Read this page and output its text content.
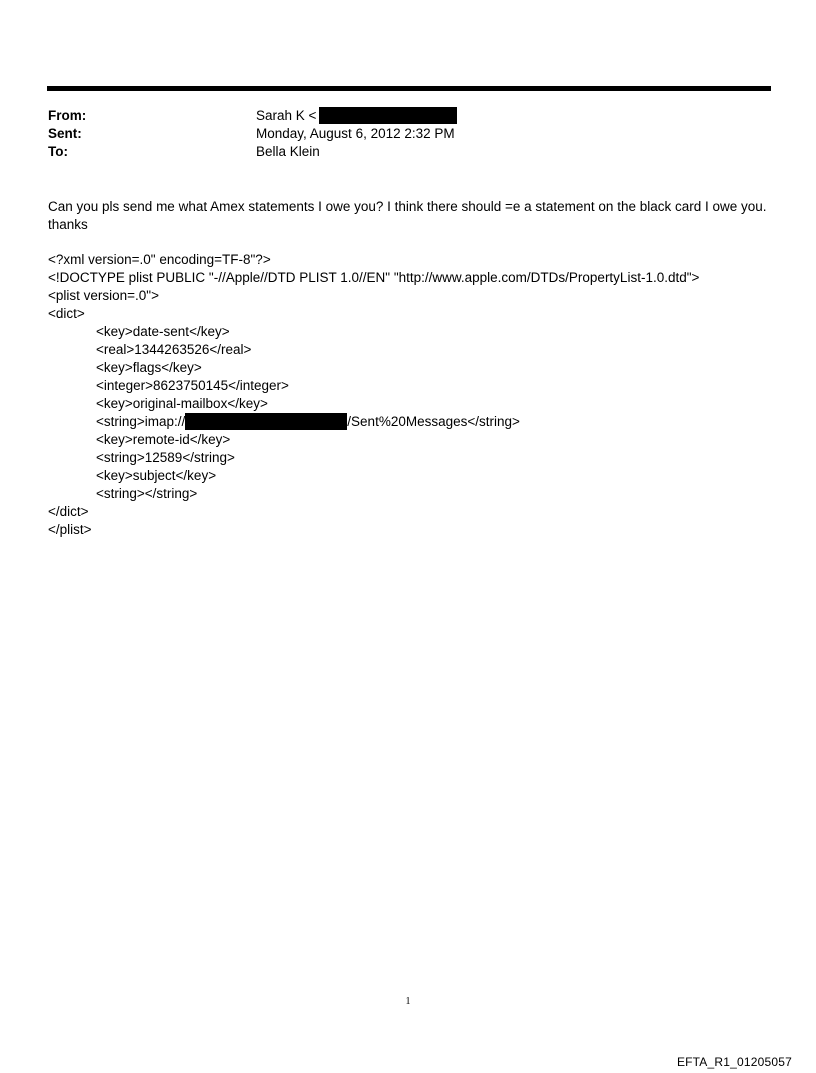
From:	Sarah K <
Sent:	Monday, August 6, 2012 2:32 PM
To:	Bella Klein

Can you pls send me what Amex statements I owe you? I think there should =e a statement on the black card I owe you.

thanks

<?xml version=.0" encoding=TF-8"?>
<!DOCTYPE plist PUBLIC "-//Apple//DTD PLIST 1.0//EN" "http://www.apple.com/DTDs/PropertyList-1.0.dtd">
<plist version=.0">
<dict>
<key>date-sent</key>
<real>1344263526</real>
<key>flags</key>
<integer>8623750145</integer>
<key>original-mailbox</key>
<string>imap://	/Sent%20Messages</string>
<key>remote-id</key>
<string>12589</string>
<key>subject</key>
<string></string>
</dict>
</plist>
1
EFTA_R1_01205057
